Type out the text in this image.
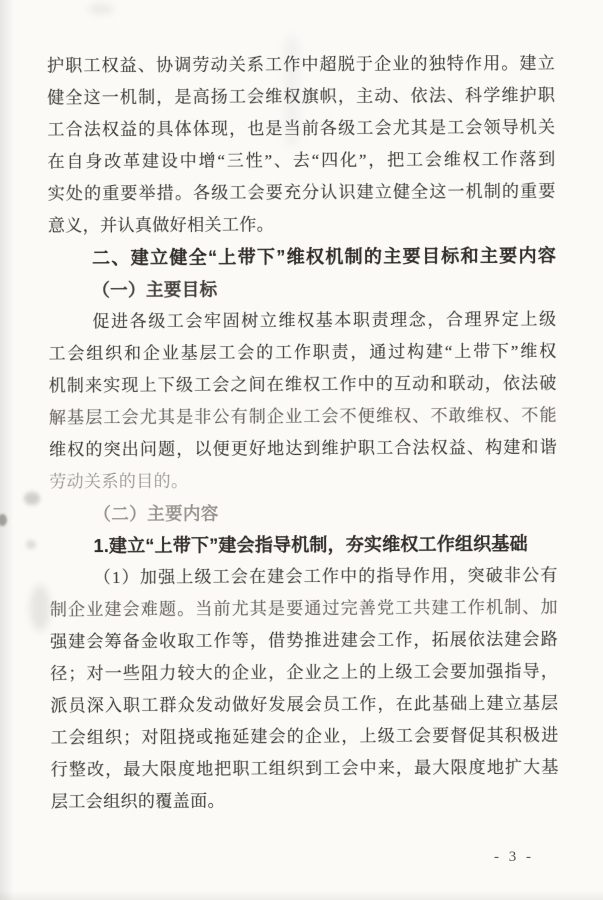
护职工权益、协调劳动关系工作中超脱于企业的独特作用。建立
健全这一机制，是高扬工会维权旗帜，主动、依法、科学维护职
工合法权益的具体体现，也是当前各级工会尤其是工会领导机关
在自身改革建设中增“三性”、去“四化”，把工会维权工作落到
实处的重要举措。各级工会要充分认识建立健全这一机制的重要
意义，并认真做好相关工作。
二、建立健全“上带下”维权机制的主要目标和主要内容
（一）主要目标
促进各级工会牢固树立维权基本职责理念，合理界定上级
工会组织和企业基层工会的工作职责，通过构建“上带下”维权
机制来实现上下级工会之间在维权工作中的互动和联动，依法破
解基层工会尤其是非公有制企业工会不便维权、不敢维权、不能
维权的突出问题，以便更好地达到维护职工合法权益、构建和谐
劳动关系的目的。
（二）主要内容
1.建立“上带下”建会指导机制，夯实维权工作组织基础
（1）加强上级工会在建会工作中的指导作用，突破非公有
制企业建会难题。当前尤其是要通过完善党工共建工作机制、加
强建会筹备金收取工作等，借势推进建会工作，拓展依法建会路
径；对一些阻力较大的企业，企业之上的上级工会要加强指导，
派员深入职工群众发动做好发展会员工作，在此基础上建立基层
工会组织；对阻挠或拖延建会的企业，上级工会要督促其积极进
行整改，最大限度地把职工组织到工会中来，最大限度地扩大基
层工会组织的覆盖面。
- 3 -
